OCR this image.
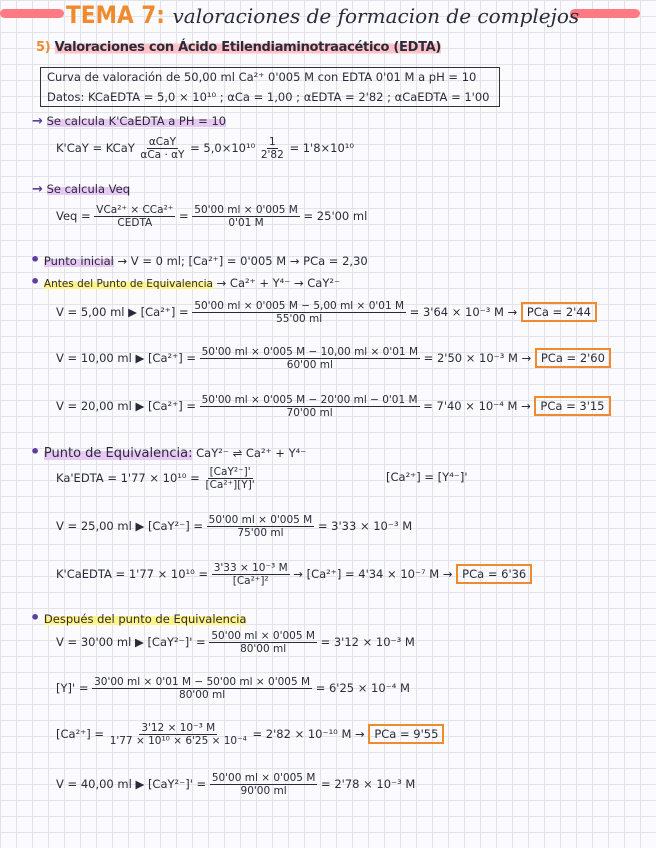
TEMA 7: valoraciones de formacion de complejos
5) Valoraciones con Ácido Etilendiaminotraacético (EDTA)
Curva de valoración de 50,00 ml Ca²⁺ 0'005 M con EDTA 0'01 M a pH = 10
Datos: KCaEDTA = 5,0 × 10¹⁰ ; αCa = 1,00 ; αEDTA = 2'82 ; αCaEDTA = 1'00
→ Se calcula K'CaEDTA a PH = 10
K'CaY = KCaY $\frac{\text{αCaY}}{\text{αCa · αY}} = 5,0\times 10^{10} \frac{1}{2'82} = 1'8\times 10^{10}$
→ Se calcula Veq
Veq = $\frac{\text{VCa²⁺ × CCa²⁺}}{\text{CEDTA}} = \frac{50'00 ml \times 0'005 M}{0'01 M} = 25'00$ ml
• Punto inicial → V = 0 ml; [Ca²⁺] = 0'005 M → PCa = 2,30
• Antes del Punto de Equivalencia → Ca²⁺ + Y⁴⁻ → CaY²⁻
V = 5,00 ml ▶ $[Ca^{2+}] = \frac{50'00 ml \times 0'005 M - 5,00 ml \times 0'01 M}{55'00 ml} = 3'64 \times 10^{-3}$ M → PCa = 2'44
V = 10,00 ml ▶ $[Ca^{2+}] = \frac{50'00 ml \times 0'005 M - 10,00 ml \times 0'01 M}{60'00 ml} = 2'50 \times 10^{-3}$ M → PCa = 2'60
V = 20,00 ml ▶ $[Ca^{2+}] = \frac{50'00 ml \times 0'005 M - 20'00 ml - 0'01 M}{70'00 ml} = 7'40 \times 10^{-4}$ M → PCa = 3'15
• Punto de Equivalencia: CaY²⁻ ⇌ Ca²⁺ + Y⁴⁻
Ka'EDTA = $1'77 \times 10^{10} = \frac{\text{[CaY²⁻]'}}{\text{[Ca²⁺][Y]'}}$	[Ca²⁺] = [Y⁴⁻]'
V = 25,00 ml ▶ $[CaY^{2-}] = \frac{50'00 ml \times 0'005 M}{75'00 ml} = 3'33 \times 10^{-3}$ M
K'CaEDTA = $1'77 \times 10^{10} = \frac{\text{3'33 × 10⁻³ M}}{\text{[Ca²⁺]²}} \to [Ca^{2+}] = 4'34 \times 10^{-7}$ M → PCa = 6'36
• Después del punto de Equivalencia
V = 30'00 ml ▶ $[CaY^{2-}]' = \frac{50'00 ml \times 0'005 M}{80'00 ml} = 3'12 \times 10^{-3}$ M
$[Y]' = \frac{30'00 ml \times 0'01 M - 50'00 ml \times 0'005 M}{80'00 ml} = 6'25 \times 10^{-4}$ M
$[Ca^{2+}] = \frac{\text{3'12 × 10⁻³ M}}{\text{1'77 × 10¹⁰ × 6'25 × 10⁻⁴}} = 2'82 \times 10^{-10}$ M → PCa = 9'55
V = 40,00 ml ▶ $[CaY^{2-}]' = \frac{50'00 ml \times 0'005 M}{90'00 ml} = 2'78 \times 10^{-3}$ M
